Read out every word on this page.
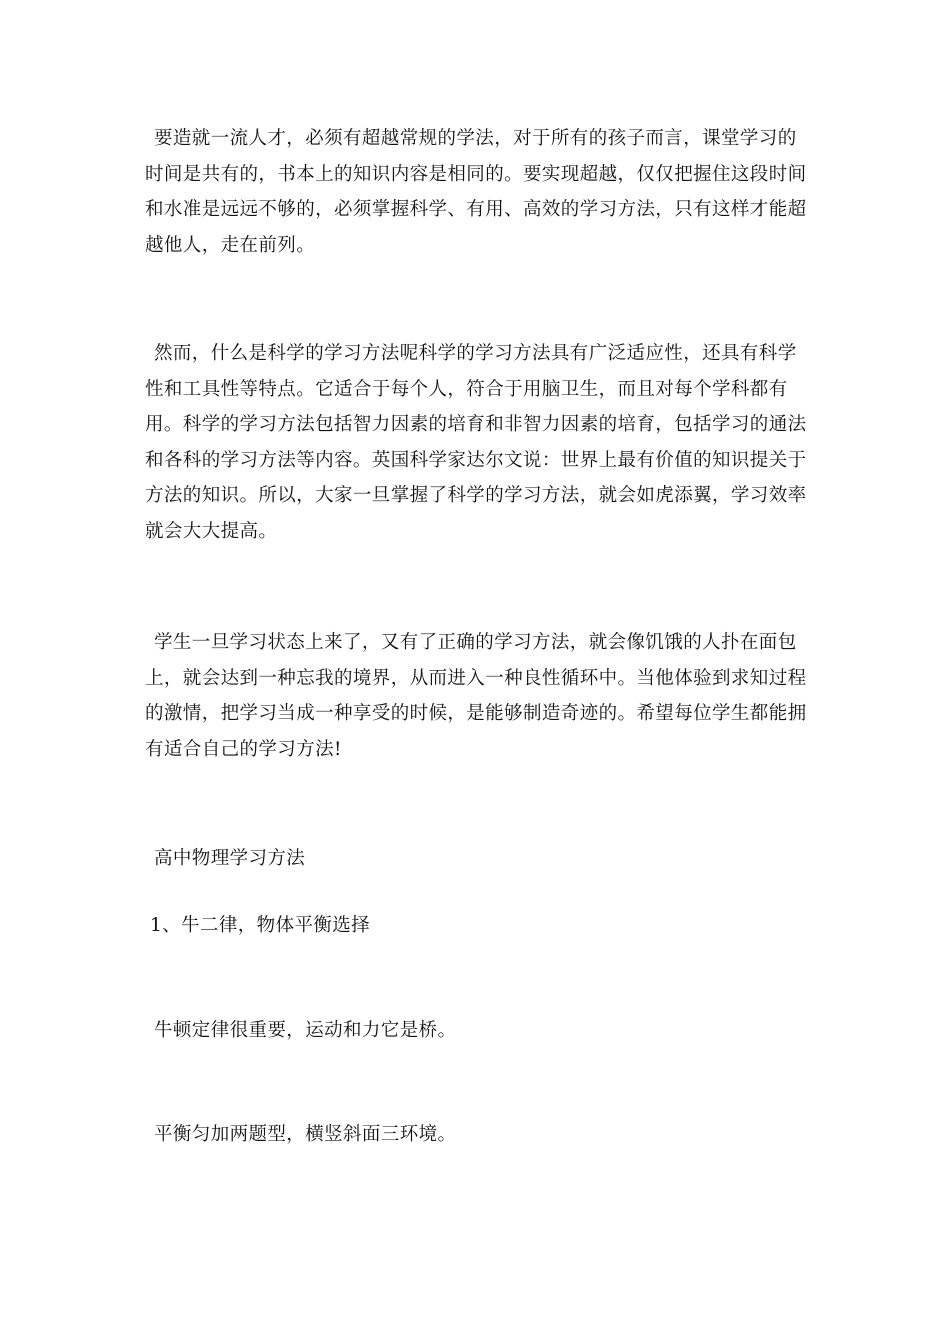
要造就一流人才，必须有超越常规的学法，对于所有的孩子而言，课堂学习的时间是共有的，书本上的知识内容是相同的。要实现超越，仅仅把握住这段时间和水准是远远不够的，必须掌握科学、有用、高效的学习方法，只有这样才能超越他人，走在前列。

然而，什么是科学的学习方法呢科学的学习方法具有广泛适应性，还具有科学性和工具性等特点。它适合于每个人，符合于用脑卫生，而且对每个学科都有用。科学的学习方法包括智力因素的培育和非智力因素的培育，包括学习的通法和各科的学习方法等内容。英国科学家达尔文说：世界上最有价值的知识提关于方法的知识。所以，大家一旦掌握了科学的学习方法，就会如虎添翼，学习效率就会大大提高。

学生一旦学习状态上来了，又有了正确的学习方法，就会像饥饿的人扑在面包上，就会达到一种忘我的境界，从而进入一种良性循环中。当他体验到求知过程的激情，把学习当成一种享受的时候，是能够制造奇迹的。希望每位学生都能拥有适合自己的学习方法!

高中物理学习方法

1、牛二律，物体平衡选择

牛顿定律很重要，运动和力它是桥。

平衡匀加两题型，横竖斜面三环境。
